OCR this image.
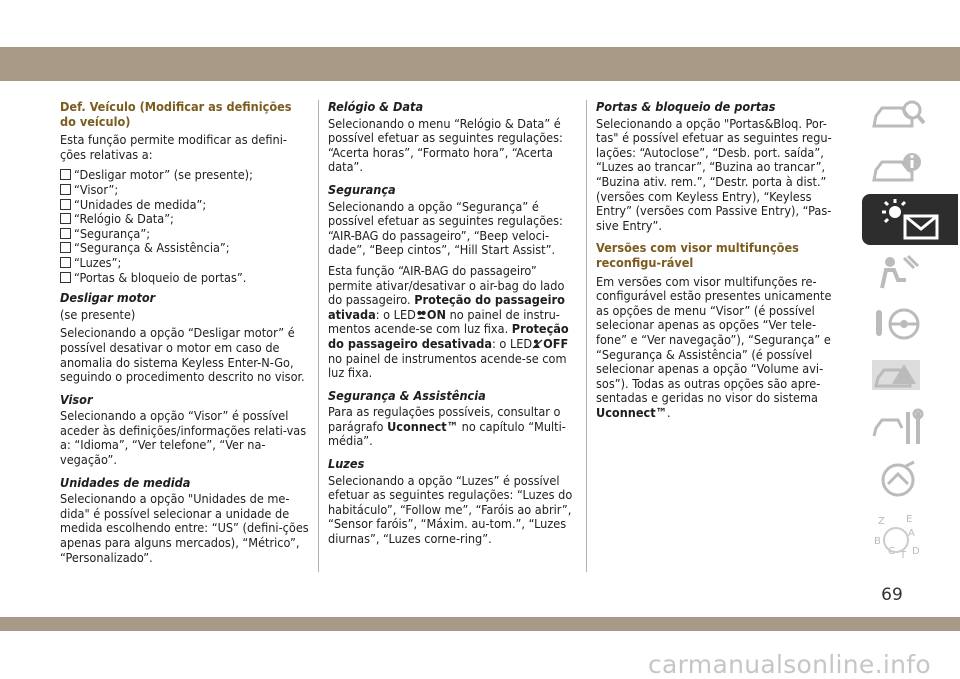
Def. Veículo (Modificar as definições do veículo)

Esta função permite modificar as defini-ções relativas a:

“Desligar motor” (se presente);
“Visor”;
“Unidades de medida”;
“Relógio & Data”;
“Segurança”;
“Segurança & Assistência”;
“Luzes”;
“Portas & bloqueio de portas”.
Desligar motor

(se presente)

Selecionando a opção “Desligar motor” é possível desativar o motor em caso de anomalia do sistema Keyless Enter-N-Go, seguindo o procedimento descrito no visor.

Visor

Selecionando a opção “Visor” é possível aceder às definições/informações relati-vas a: “Idioma”, “Ver telefone”, “Ver na-vegação”.

Unidades de medida

Selecionando a opção "Unidades de me-dida" é possível selecionar a unidade de medida escolhendo entre: “US” (defini-ções apenas para alguns mercados), “Métrico”, “Personalizado”.

Relógio & Data

Selecionando o menu “Relógio & Data” é possível efetuar as seguintes regulações: “Acerta horas”, “Formato hora”, “Acerta data”.

Segurança

Selecionando a opção “Segurança” é possível efetuar as seguintes regulações: “AIR-BAG do passageiro”, “Beep veloci-dade”, “Beep cintos”, “Hill Start Assist”.

Esta função “AIR-BAG do passageiro” permite ativar/desativar o air-bag do lado do passageiro. Proteção do passageiro ativada: o LED ON no painel de instru-mentos acende-se com luz fixa. Proteção do passageiro desativada: o LED OFF no painel de instrumentos acende-se com luz fixa.

Segurança & Assistência

Para as regulações possíveis, consultar o parágrafo Uconnect™ no capítulo “Multi-média”.

Luzes

Selecionando a opção “Luzes” é possível efetuar as seguintes regulações: “Luzes do habitáculo”, “Follow me”, “Faróis ao abrir”, “Sensor faróis”, “Máxim. au-tom.”, “Luzes diurnas”, “Luzes corne-ring”.

Portas & bloqueio de portas

Selecionando a opção "Portas&Bloq. Por-tas" é possível efetuar as seguintes regu-lações: “Autoclose”, “Desb. port. saída”, “Luzes ao trancar”, “Buzina ao trancar”, “Buzina ativ. rem.”, “Destr. porta à dist.” (versões com Keyless Entry), “Keyless Entry” (versões com Passive Entry), “Pas-sive Entry”.

Versões com visor multifunções reconfigu-rável

Em versões com visor multifunções re-configurável estão presentes unicamente as opções de menu “Visor” (é possível selecionar apenas as opções “Ver tele-fone” e “Ver navegação”), “Segurança” e “Segurança & Assistência” (é possível selecionar apenas a opção “Volume avi-sos”). Todas as outras opções são apre-sentadas e geridas no visor do sistema Uconnect™.

Z E
A
B
C T D
69
carmanualsonline.info
